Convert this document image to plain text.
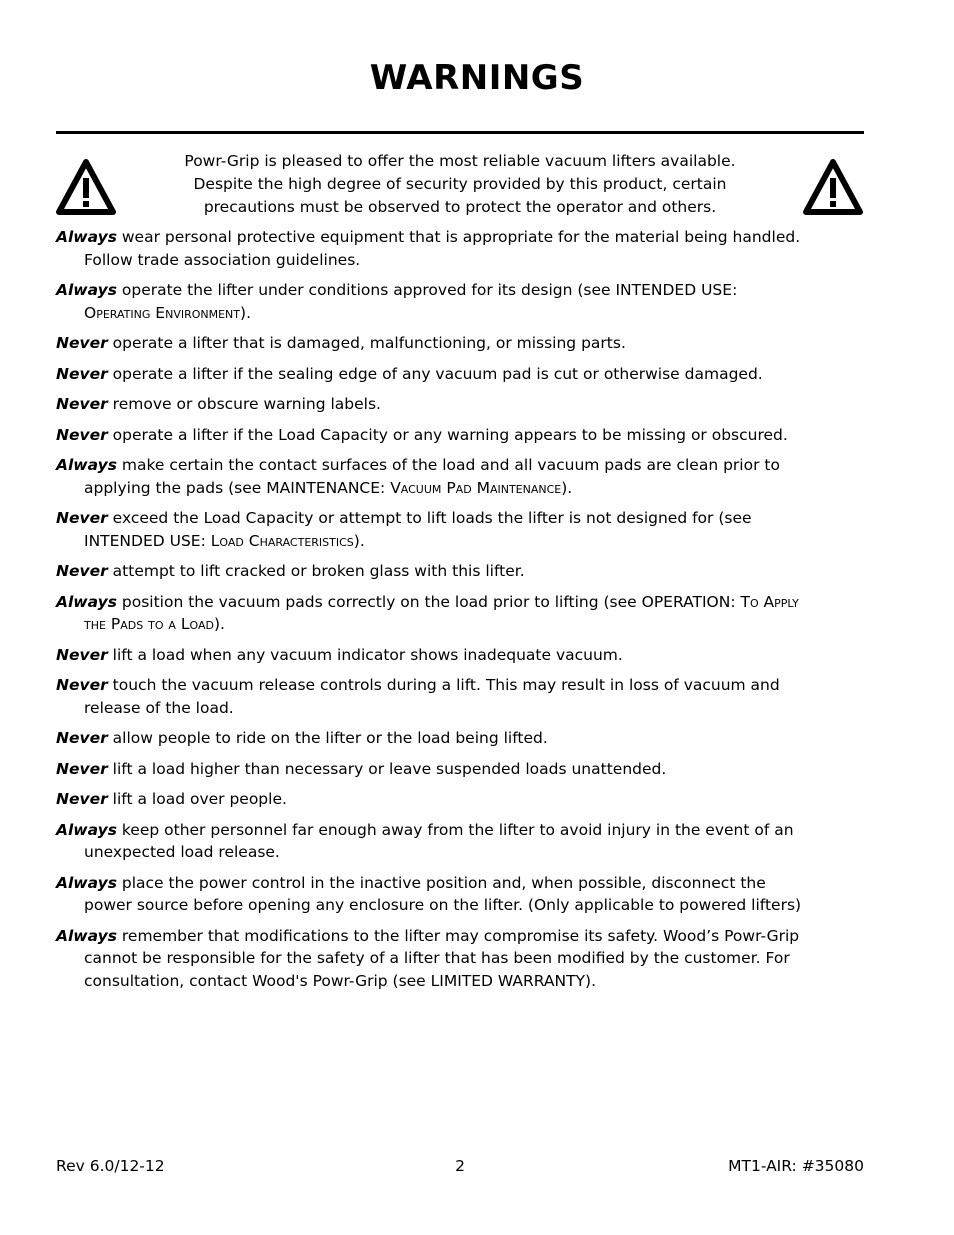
WARNINGS
Powr-Grip is pleased to offer the most reliable vacuum lifters available.
Despite the high degree of security provided by this product, certain
precautions must be observed to protect the operator and others.
Always wear personal protective equipment that is appropriate for the material being handled.
Follow trade association guidelines.
Always operate the lifter under conditions approved for its design (see INTENDED USE:
Operating Environment).
Never operate a lifter that is damaged, malfunctioning, or missing parts.
Never operate a lifter if the sealing edge of any vacuum pad is cut or otherwise damaged.
Never remove or obscure warning labels.
Never operate a lifter if the Load Capacity or any warning appears to be missing or obscured.
Always make certain the contact surfaces of the load and all vacuum pads are clean prior to
applying the pads (see MAINTENANCE: Vacuum Pad Maintenance).
Never exceed the Load Capacity or attempt to lift loads the lifter is not designed for (see
INTENDED USE: Load Characteristics).
Never attempt to lift cracked or broken glass with this lifter.
Always position the vacuum pads correctly on the load prior to lifting (see OPERATION: To Apply
the Pads to a Load).
Never lift a load when any vacuum indicator shows inadequate vacuum.
Never touch the vacuum release controls during a lift. This may result in loss of vacuum and
release of the load.
Never allow people to ride on the lifter or the load being lifted.
Never lift a load higher than necessary or leave suspended loads unattended.
Never lift a load over people.
Always keep other personnel far enough away from the lifter to avoid injury in the event of an
unexpected load release.
Always place the power control in the inactive position and, when possible, disconnect the
power source before opening any enclosure on the lifter. (Only applicable to powered lifters)
Always remember that modifications to the lifter may compromise its safety. Wood’s Powr-Grip
cannot be responsible for the safety of a lifter that has been modified by the customer. For
consultation, contact Wood's Powr-Grip (see LIMITED WARRANTY).
Rev 6.0/12-12	2	MT1-AIR: #35080
